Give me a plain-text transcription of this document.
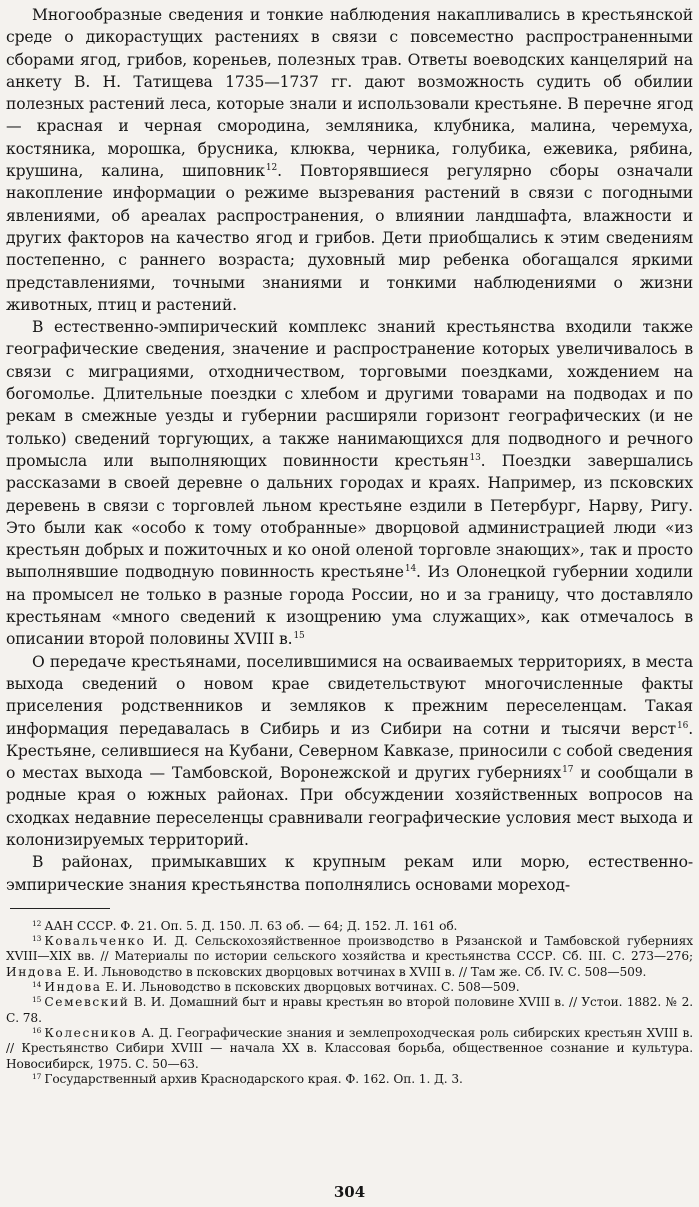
Многообразные сведения и тонкие наблюдения накапливались в крестьянской среде о дикорастущих растениях в связи с повсеместно распространенными сборами ягод, грибов, кореньев, полезных трав. Ответы воеводских канцелярий на анкету В. Н. Татищева 1735—1737 гг. дают возможность судить об обилии полезных растений леса, которые знали и использовали крестьяне. В перечне ягод — красная и черная смородина, земляника, клубника, малина, черемуха, костяника, морошка, брусника, клюква, черника, голубика, ежевика, рябина, крушина, калина, шиповник$^{12}$. Повторявшиеся регулярно сборы означали накопление информации о режиме вызревания растений в связи с погодными явлениями, об ареалах распространения, о влиянии ландшафта, влажности и других факторов на качество ягод и грибов. Дети приобщались к этим сведениям постепенно, с раннего возраста; духовный мир ребенка обогащался яркими представлениями, точными знаниями и тонкими наблюдениями о жизни животных, птиц и растений.

В естественно-эмпирический комплекс знаний крестьянства входили также географические сведения, значение и распространение которых увеличивалось в связи с миграциями, отходничеством, торговыми поездками, хождением на богомолье. Длительные поездки с хлебом и другими товарами на подводах и по рекам в смежные уезды и губернии расширяли горизонт географических (и не только) сведений торгующих, а также нанимающихся для подводного и речного промысла или выполняющих повинности крестьян$^{13}$. Поездки завершались рассказами в своей деревне о дальних городах и краях. Например, из псковских деревень в связи с торговлей льном крестьяне ездили в Петербург, Нарву, Ригу. Это были как «особо к тому отобранные» дворцовой администрацией люди «из крестьян добрых и пожиточных и ко оной оленой торговле знающих», так и просто выполнявшие подводную повинность крестьяне$^{14}$. Из Олонецкой губернии ходили на промысел не только в разные города России, но и за границу, что доставляло крестьянам «много сведений к изощрению ума служащих», как отмечалось в описании второй половины XVIII в.$^{15}$

О передаче крестьянами, поселившимися на осваиваемых территориях, в места выхода сведений о новом крае свидетельствуют многочисленные факты приселения родственников и земляков к прежним переселенцам. Такая информация передавалась в Сибирь и из Сибири на сотни и тысячи верст$^{16}$. Крестьяне, селившиеся на Кубани, Северном Кавказе, приносили с собой сведения о местах выхода — Тамбовской, Воронежской и других губерниях$^{17}$ и сообщали в родные края о южных районах. При обсуждении хозяйственных вопросов на сходках недавние переселенцы сравнивали географические условия мест выхода и колонизируемых территорий.

В районах, примыкавших к крупным рекам или морю, естественно-эмпирические знания крестьянства пополнялись основами мореход-

$^{12}$ ААН СССР. Ф. 21. Оп. 5. Д. 150. Л. 63 об. — 64; Д. 152. Л. 161 об.

$^{13}$ Ковальченко И. Д. Сельскохозяйственное производство в Рязанской и Тамбовской губерниях XVIII—XIX вв. // Материалы по истории сельского хозяйства и крестьянства СССР. Сб. III. С. 273—276; Индова Е. И. Льноводство в псковских дворцовых вотчинах в XVIII в. // Там же. Сб. IV. С. 508—509.

$^{14}$ Индова Е. И. Льноводство в псковских дворцовых вотчинах. С. 508—509.

$^{15}$ Семевский В. И. Домашний быт и нравы крестьян во второй половине XVIII в. // Устои. 1882. № 2. С. 78.

$^{16}$ Колесников А. Д. Географические знания и землепроходческая роль сибирских крестьян XVIII в. // Крестьянство Сибири XVIII — начала XX в. Классовая борьба, общественное сознание и культура. Новосибирск, 1975. С. 50—63.

$^{17}$ Государственный архив Краснодарского края. Ф. 162. Оп. 1. Д. 3.

304
